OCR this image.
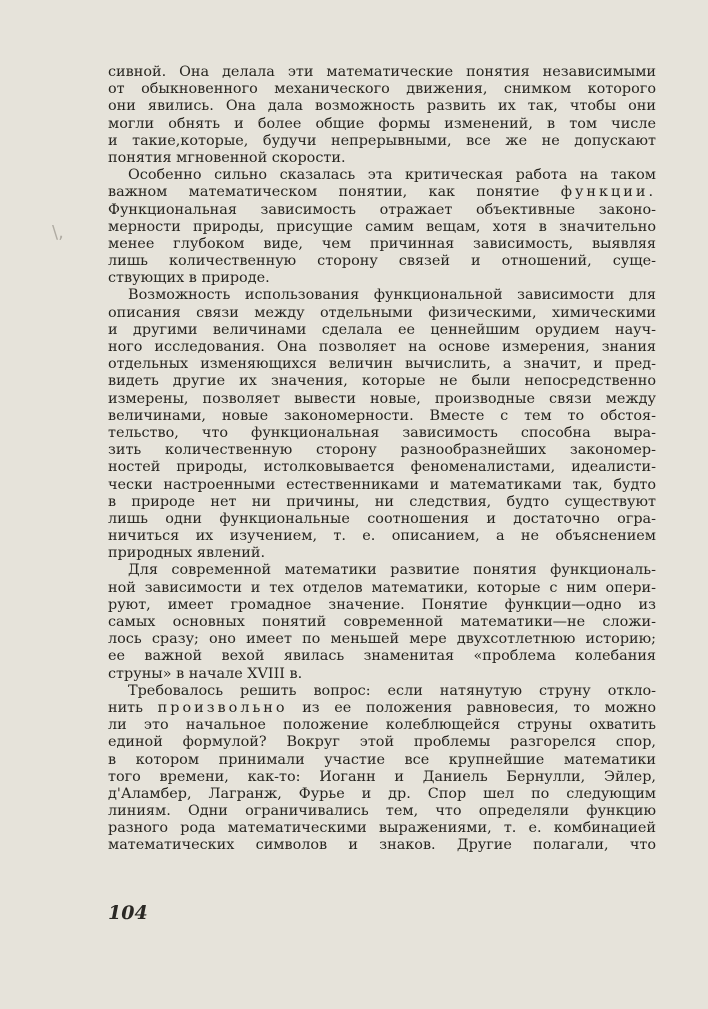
\,
сивной. Она делала эти математические понятия независимыми
от обыкновенного механического движения, снимком которого
они явились. Она дала возможность развить их так, чтобы они
могли обнять и более общие формы изменений, в том числе
и такие,которые, будучи непрерывными, все же не допускают
понятия мгновенной скорости.
Особенно сильно сказалась эта критическая работа на таком
важном математическом понятии, как понятие функции.
Функциональная зависимость отражает объективные законо-
мерности природы, присущие самим вещам, хотя в значительно
менее глубоком виде, чем причинная зависимость, выявляя
лишь количественную сторону связей и отношений, суще-
ствующих в природе.
Возможность использования функциональной зависимости для
описания связи между отдельными физическими, химическими
и другими величинами сделала ее ценнейшим орудием науч-
ного исследования. Она позволяет на основе измерения, знания
отдельных изменяющихся величин вычислить, а значит, и пред-
видеть другие их значения, которые не были непосредственно
измерены, позволяет вывести новые, производные связи между
величинами, новые закономерности. Вместе с тем то обстоя-
тельство, что функциональная зависимость способна выра-
зить количественную сторону разнообразнейших закономер-
ностей природы, истолковывается феноменалистами, идеалисти-
чески настроенными естественниками и математиками так, будто
в природе нет ни причины, ни следствия, будто существуют
лишь одни функциональные соотношения и достаточно огра-
ничиться их изучением, т. е. описанием, а не объяснением
природных явлений.
Для современной математики развитие понятия функциональ-
ной зависимости и тех отделов математики, которые с ним опери-
руют, имеет громадное значение. Понятие функции—одно из
самых основных понятий современной математики—не сложи-
лось сразу; оно имеет по меньшей мере двухсотлетнюю историю;
ее важной вехой явилась знаменитая «проблема колебания
струны» в начале XVIII в.
Требовалось решить вопрос: если натянутую струну откло-
нить произвольно из ее положения равновесия, то можно
ли это начальное положение колеблющейся струны охватить
единой формулой? Вокруг этой проблемы разгорелся спор,
в котором принимали участие все крупнейшие математики
того времени, как-то: Иоганн и Даниель Бернулли, Эйлер,
д'Аламбер, Лагранж, Фурье и др. Спор шел по следующим
линиям. Одни ограничивались тем, что определяли функцию
разного рода математическими выражениями, т. е. комбинацией
математических символов и знаков. Другие полагали, что
104
